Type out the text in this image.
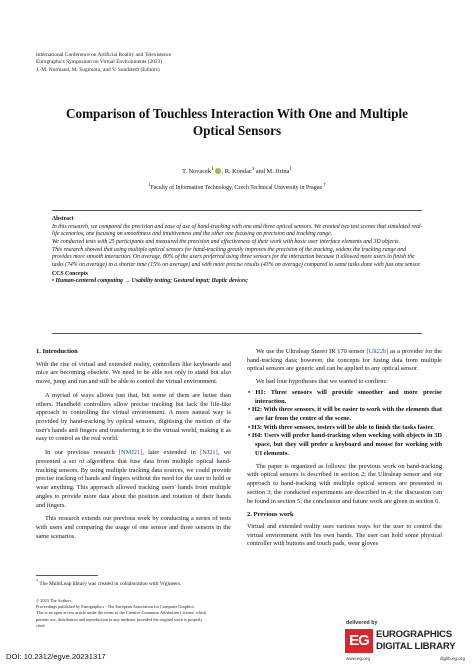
International Conference on Artificial Reality and Telexistence
Eurographics Symposium on Virtual Environments (2023)
J.-M. Normand, M. Sugimoto, and V. Sundstedt (Editors)
Comparison of Touchless Interaction With One and Multiple
Optical Sensors
T. Novacek$^1$ , R. Kondac$^1$ and M. Jirina$^1$
$^1$Faculty of Information Technology, Czech Technical University in Prague †
Abstract
In this research, we compared the precision and ease of use of hand-tracking with one and three optical sensors. We created two test scenes that simulated real-life scenarios, one focusing on smoothness and intuitiveness and the other one focusing on precision and tracking range.
We conducted tests with 25 participants and measured the precision and effectiveness of their work with basic user interface elements and 3D objects.
This research showed that using multiple optical sensors for hand-tracking greatly improves the precision of the tracking, widens the tracking range and provides more smooth interaction. On average, 80% of the users preferred using three sensors for the interaction because it allowed more users to finish the tasks (74% on average) in a shorter time (15% on average) and with more precise results (43% on average) compared to same tasks done with just one sensor.
CCS Concepts
• Human-centered computing → Usability testing; Gestural input; Haptic devices;

1. Introduction

With the rise of virtual and extended reality, controllers like keyboards and mice are becoming obsolete. We need to be able not only to stand but also move, jump and run and still be able to control the virtual environment.

A myriad of ways allows just that, but some of them are better than others. Handheld controllers allow precise tracking but lack the life-like approach to controlling the virtual environment. A more natural way is provided by hand-tracking by optical sensors, digitising the motion of the user's hands and fingers and transferring it to the virtual world, making it as easy to control as the real world.

In our previous research [NMJ21], later extended in [NJ21], we presented a set of algorithms that fuse data from multiple optical hand-tracking sensors. By using multiple tracking data sources, we could provide precise tracking of hands and fingers without the need for the user to hold or wear anything. This approach allowed tracking users' hands from multiple angles to provide more data about the position and rotation of their hands and fingers.

This research extends our previous work by conducting a series of tests with users and comparing the usage of one sensor and three sensors in the same scenarios.

† The MultiLeap library was created in collaboration with Vrgineers.
© 2023 The Authors.
Proceedings published by Eurographics - The European Association for Computer Graphics.
This is an open access article under the terms of the Creative Commons Attribution License, which
permits use, distribution and reproduction in any medium, provided the original work is properly
cited.

We use the Ultraleap Stereo IR 170 sensor [Ult22b] as a provider for the hand-tracking data; however, the concepts for fusing data from multiple optical sensors are generic and can be applied to any optical sensor.

We had four hypotheses that we wanted to confirm:

• H1: Three sensors will provide smoother and more precise interaction.

• H2: With three sensors, it will be easier to work with the elements that are far from the centre of the scene.

• H3: With three sensors, testers will be able to finish the tasks faster.

• H4: Users will prefer hand-tracking when working with objects in 3D space, but they will prefer a keyboard and mouse for working with UI elements.

The paper is organized as follows: the previous work on hand-tracking with optical sensors is described in section 2; the Ultraleap sensor and our approach to hand-tracking with multiple optical sensors are presented in section 3; the conducted experiments are described in 4; the discussion can be found in section 5; the conclusion and future work are given in section 6.

2. Previous work

Virtual and extended reality uses various ways for the user to control the virtual environment with his own hands. The user can hold some physical controller with buttons and touch pads, wear gloves

DOI: 10.2312/egve.20231317
delivered by
EG EUROGRAPHICS
DIGITAL LIBRARY
www.eg.org	diglib.eg.org
